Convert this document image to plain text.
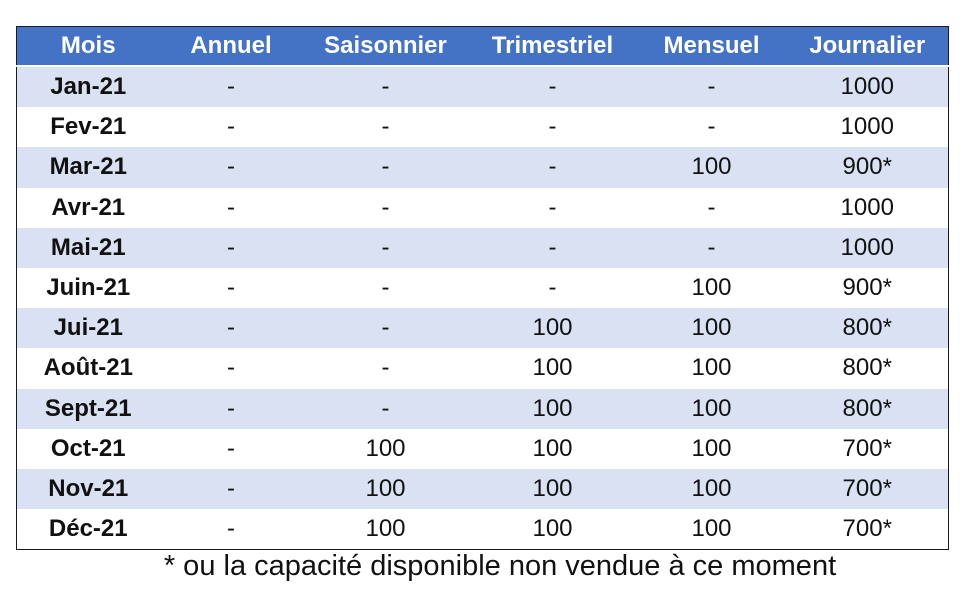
Mois	Annuel	Saisonnier	Trimestriel	Mensuel	Journalier
Jan-21	-	-	-	-	1000
Fev-21	-	-	-	-	1000
Mar-21	-	-	-	100	900*
Avr-21	-	-	-	-	1000
Mai-21	-	-	-	-	1000
Juin-21	-	-	-	100	900*
Jui-21	-	-	100	100	800*
Août-21	-	-	100	100	800*
Sept-21	-	-	100	100	800*
Oct-21	-	100	100	100	700*
Nov-21	-	100	100	100	700*
Déc-21	-	100	100	100	700*
* ou la capacité disponible non vendue à ce moment
